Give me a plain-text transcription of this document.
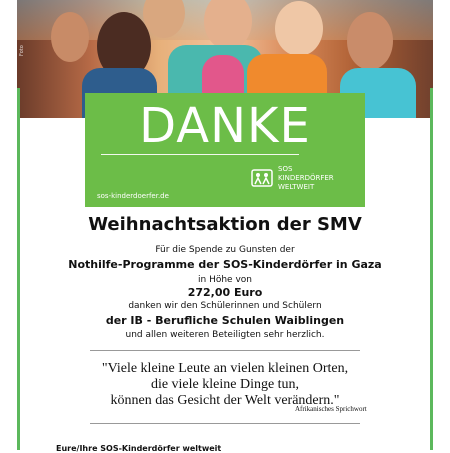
Foto
DANKE
sos-kinderdoerfer.de
SOS
KINDERDÖRFER
WELTWEIT
Weihnachtsaktion der SMV
Für die Spende zu Gunsten der
Nothilfe-Programme der SOS-Kinderdörfer in Gaza
in Höhe von
272,00 Euro
danken wir den Schülerinnen und Schülern
der IB - Berufliche Schulen Waiblingen
und allen weiteren Beteiligten sehr herzlich.
"Viele kleine Leute an vielen kleinen Orten,
die viele kleine Dinge tun,
können das Gesicht der Welt verändern."
Afrikanisches Sprichwort
Eure/Ihre SOS-Kinderdörfer weltweit
